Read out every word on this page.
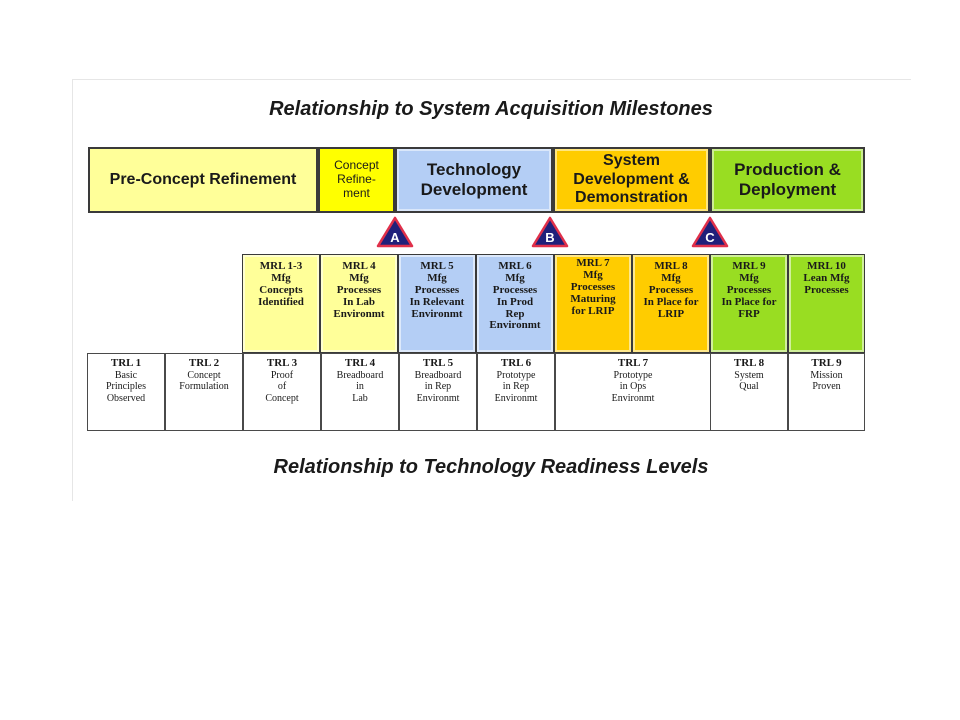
Relationship to System Acquisition Milestones
Pre-Concept Refinement
Concept Refine-ment
Technology Development
System Development & Demonstration
Production & Deployment
A	B	C
MRL 1-3
Mfg
Concepts
Identified
MRL 4
Mfg
Processes
In Lab
Environmt
MRL 5
Mfg
Processes
In Relevant
Environmt
MRL 6
Mfg
Processes
In Prod
Rep
Environmt
MRL 7
Mfg
Processes
Maturing
for LRIP
MRL 8
Mfg
Processes
In Place for
LRIP
MRL 9
Mfg
Processes
In Place for
FRP
MRL 10
Lean Mfg
Processes
TRL 1
Basic
Principles
Observed
TRL 2
Concept
Formulation
TRL 3
Proof
of
Concept
TRL 4
Breadboard
in
Lab
TRL 5
Breadboard
in Rep
Environmt
TRL 6
Prototype
in Rep
Environmt
TRL 7
Prototype
in Ops
Environmt
TRL 8
System
Qual
TRL 9
Mission
Proven
Relationship to Technology Readiness Levels
